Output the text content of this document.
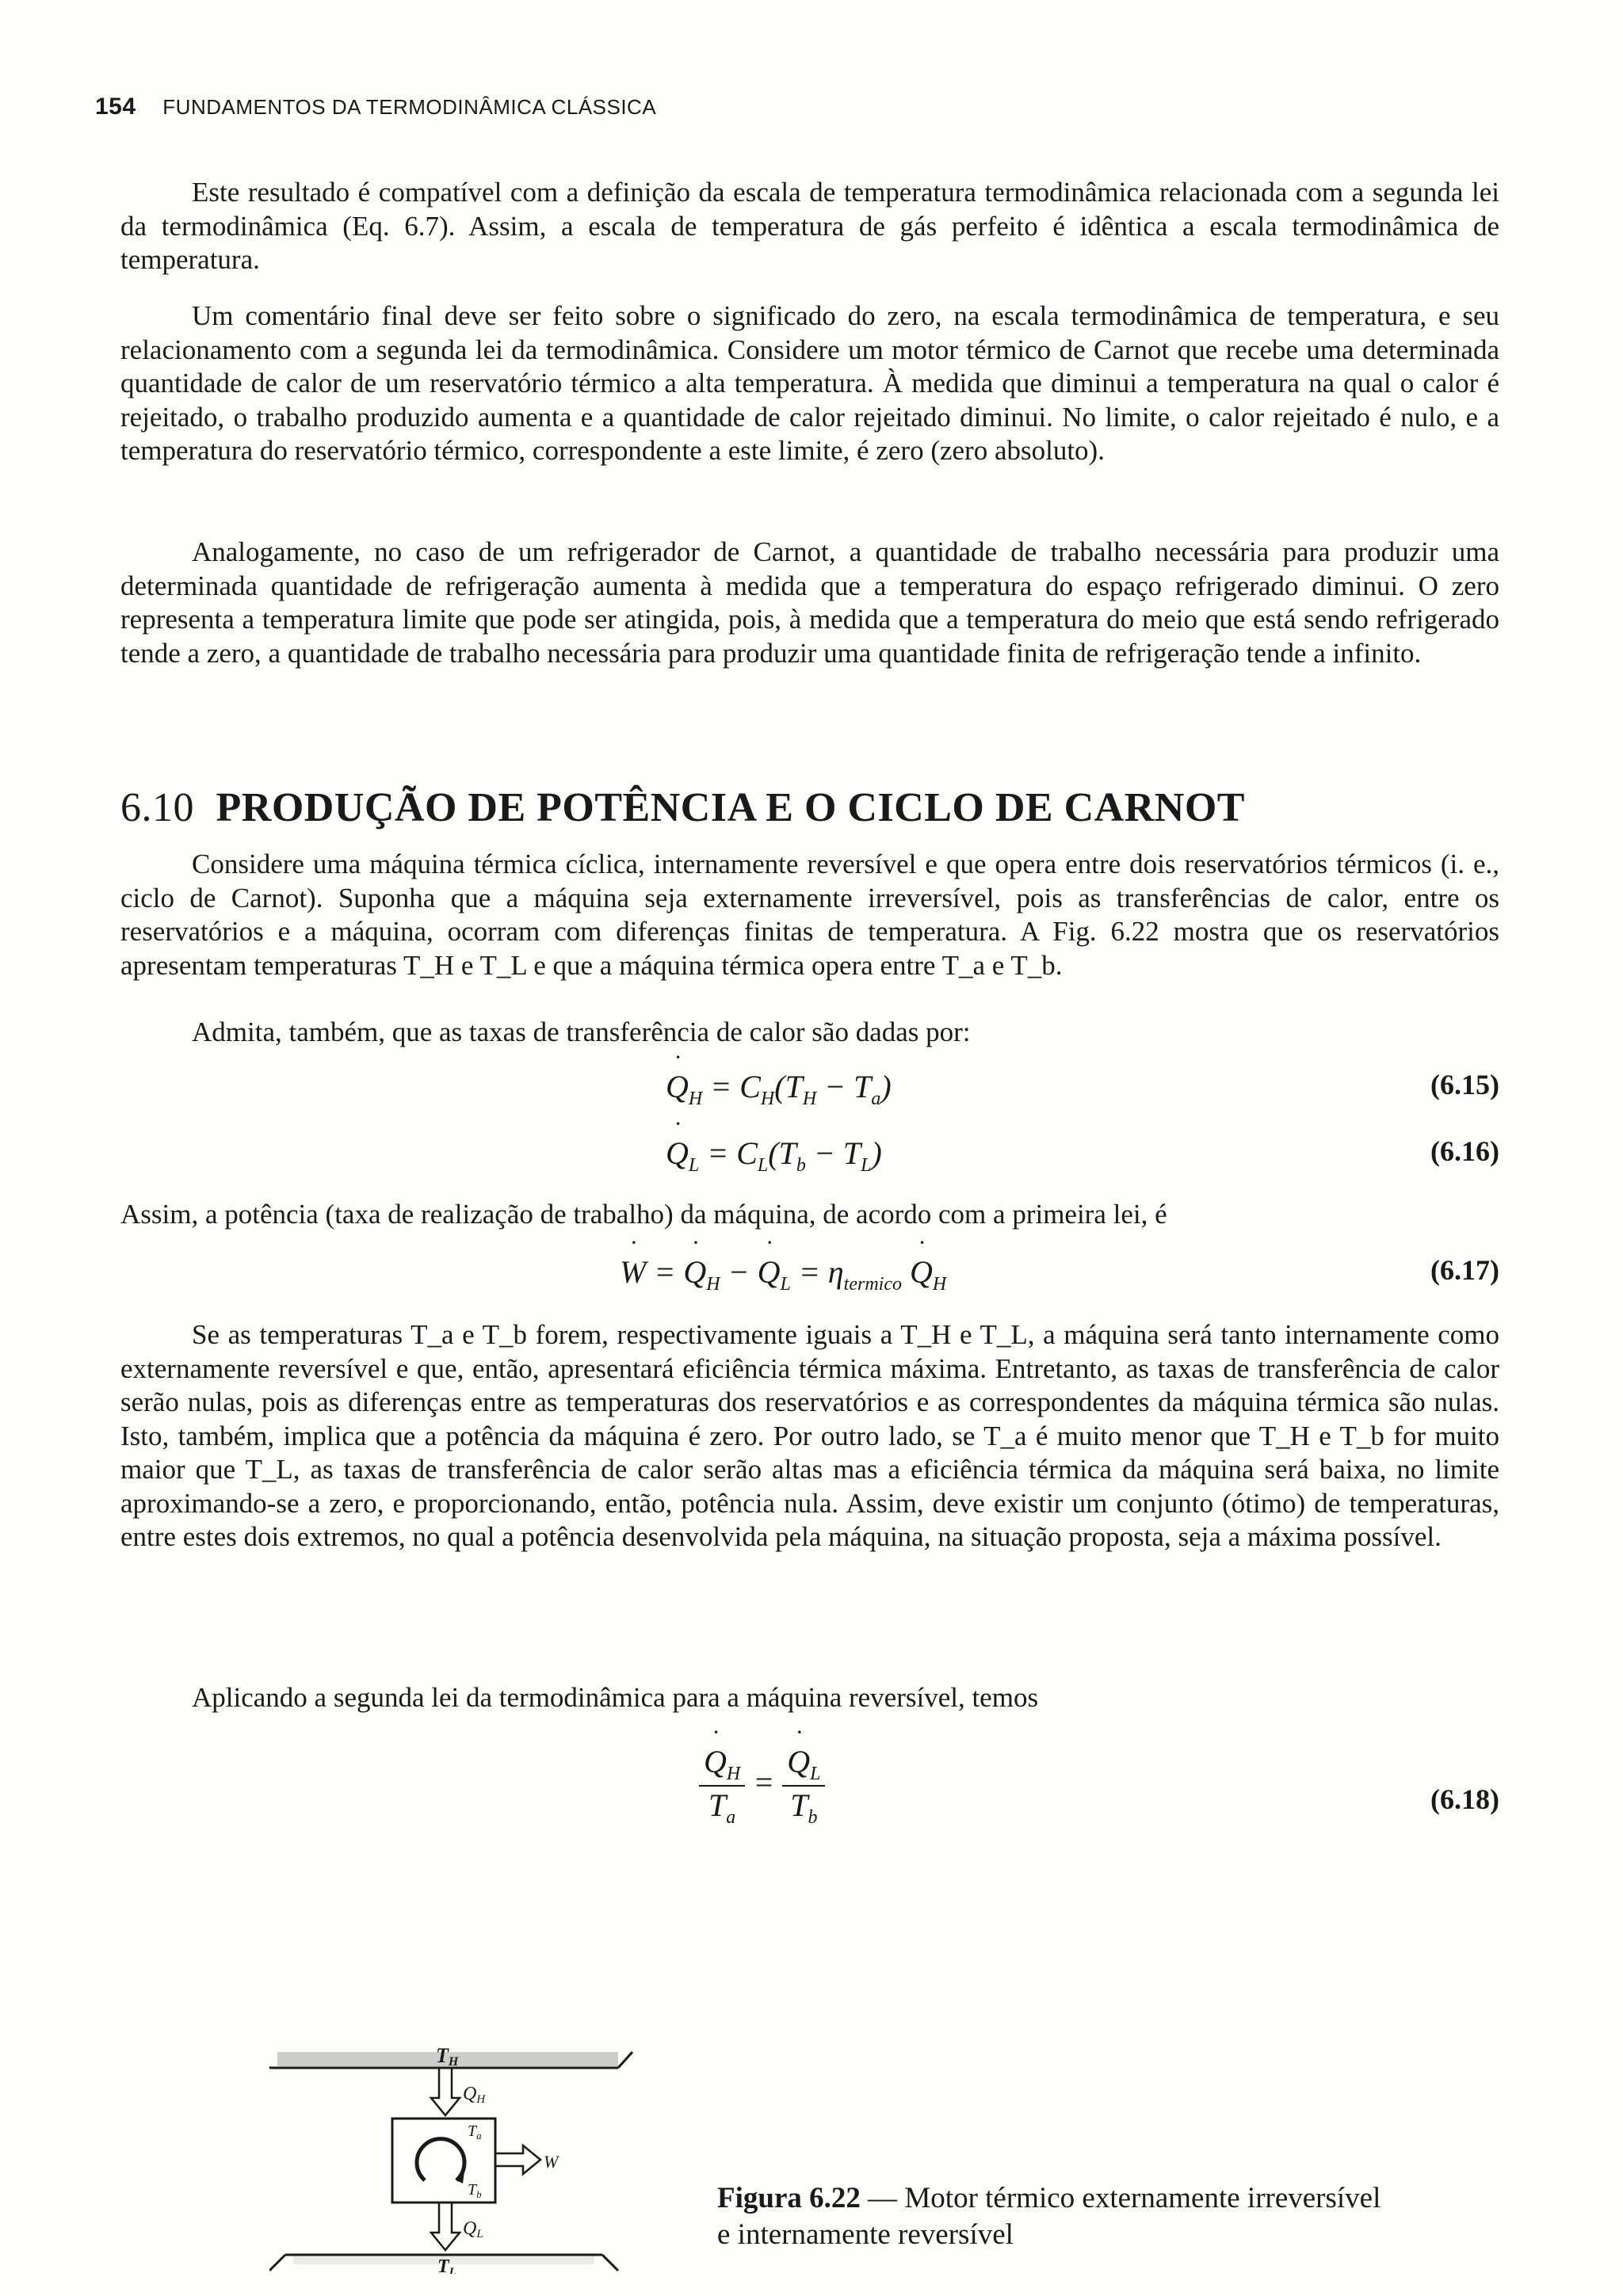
154 FUNDAMENTOS DA TERMODINÂMICA CLÁSSICA

Este resultado é compatível com a definição da escala de temperatura termodinâmica relacionada com a segunda lei da termodinâmica (Eq. 6.7). Assim, a escala de temperatura de gás perfeito é idêntica a escala termodinâmica de temperatura.

Um comentário final deve ser feito sobre o significado do zero, na escala termodinâmica de temperatura, e seu relacionamento com a segunda lei da termodinâmica. Considere um motor térmico de Carnot que recebe uma determinada quantidade de calor de um reservatório térmico a alta temperatura. À medida que diminui a temperatura na qual o calor é rejeitado, o trabalho produzido aumenta e a quantidade de calor rejeitado diminui. No limite, o calor rejeitado é nulo, e a temperatura do reservatório térmico, correspondente a este limite, é zero (zero absoluto).

Analogamente, no caso de um refrigerador de Carnot, a quantidade de trabalho necessária para produzir uma determinada quantidade de refrigeração aumenta à medida que a temperatura do espaço refrigerado diminui. O zero representa a temperatura limite que pode ser atingida, pois, à medida que a temperatura do meio que está sendo refrigerado tende a zero, a quantidade de trabalho necessária para produzir uma quantidade finita de refrigeração tende a infinito.

6.10 PRODUÇÃO DE POTÊNCIA E O CICLO DE CARNOT

Considere uma máquina térmica cíclica, internamente reversível e que opera entre dois reservatórios térmicos (i. e., ciclo de Carnot). Suponha que a máquina seja externamente irreversível, pois as transferências de calor, entre os reservatórios e a máquina, ocorram com diferenças finitas de temperatura. A Fig. 6.22 mostra que os reservatórios apresentam temperaturas T_H e T_L e que a máquina térmica opera entre T_a e T_b.

Admita, também, que as taxas de transferência de calor são dadas por:

˙ $Q_H = C_H(T_H - T_a)$	(6.15)
˙ $Q_L = C_L(T_b - T_L)$	(6.16)

Assim, a potência (taxa de realização de trabalho) da máquina, de acordo com a primeira lei, é

˙ W = ˙ $Q_H$ − ˙ $Q_L = \eta_{termico}$ ˙ $Q_H$	(6.17)

Se as temperaturas T_a e T_b forem, respectivamente iguais a T_H e T_L, a máquina será tanto internamente como externamente reversível e que, então, apresentará eficiência térmica máxima. Entretanto, as taxas de transferência de calor serão nulas, pois as diferenças entre as temperaturas dos reservatórios e as correspondentes da máquina térmica são nulas. Isto, também, implica que a potência da máquina é zero. Por outro lado, se T_a é muito menor que T_H e T_b for muito maior que T_L, as taxas de transferência de calor serão altas mas a eficiência térmica da máquina será baixa, no limite aproximando-se a zero, e proporcionando, então, potência nula. Assim, deve existir um conjunto (ótimo) de temperaturas, entre estes dois extremos, no qual a potência desenvolvida pela máquina, na situação proposta, seja a máxima possível.

Aplicando a segunda lei da termodinâmica para a máquina reversível, temos

˙ $\frac{Q_H}{T_a}$ = ˙ $\frac{Q_L}{T_b}$	(6.18)
TH
QH
$T_a$
$T_b$
W
QL
TL
Figura 6.22 — Motor térmico externamente irreversível e internamente reversível
